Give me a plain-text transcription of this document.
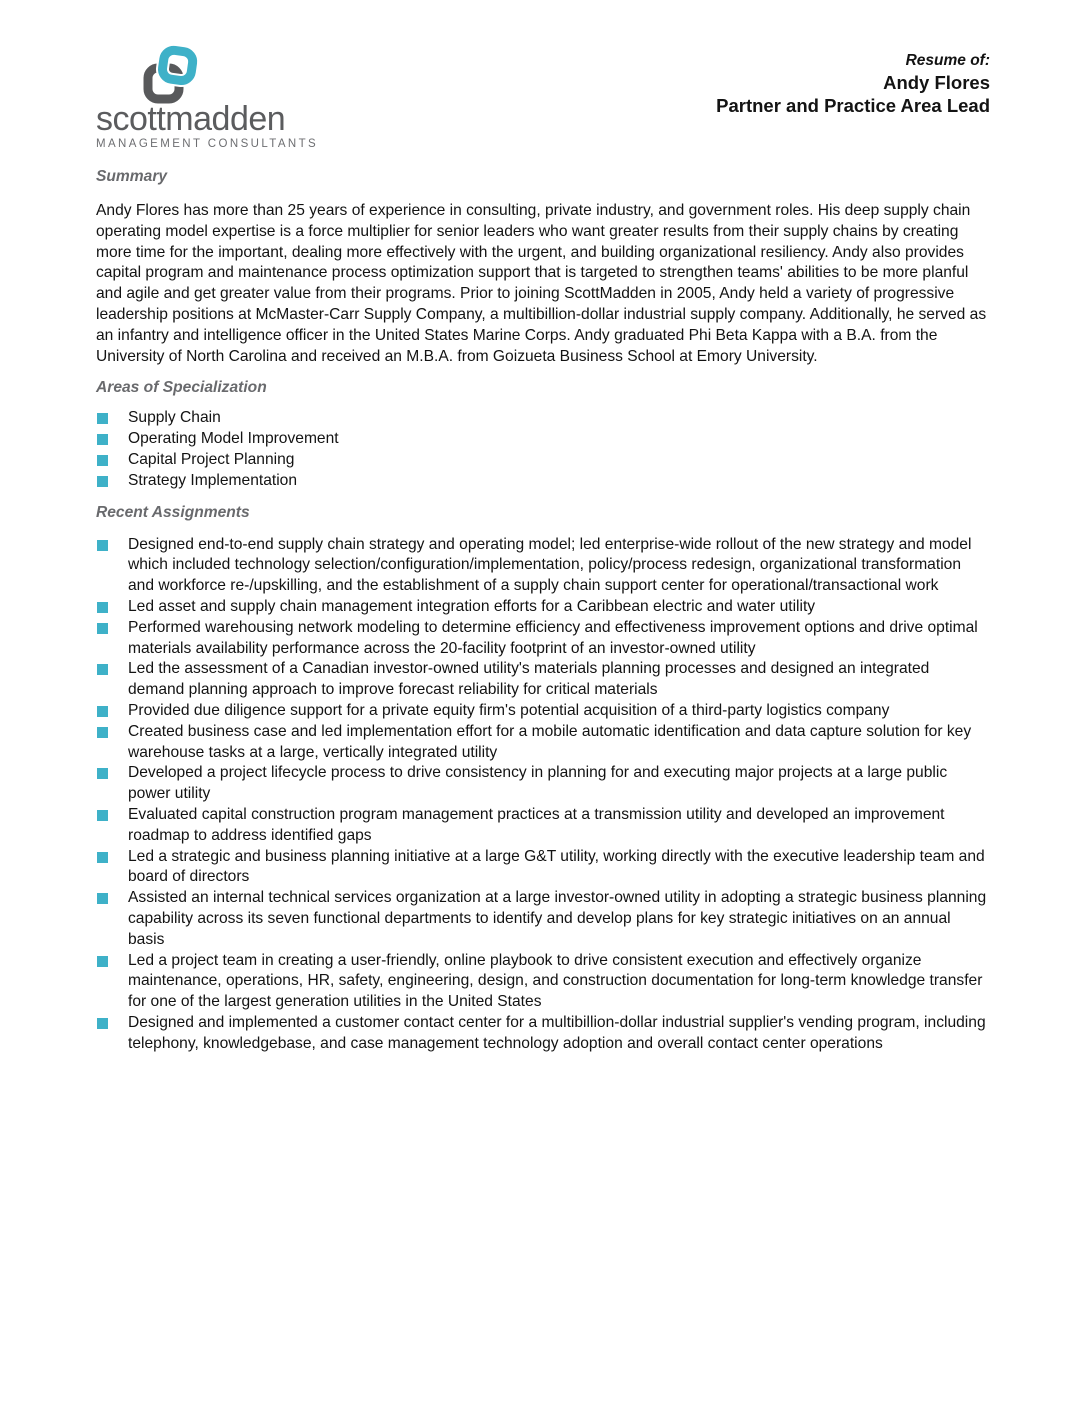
scottmadden
MANAGEMENT CONSULTANTS
Resume of:
Andy Flores
Partner and Practice Area Lead
Summary

Andy Flores has more than 25 years of experience in consulting, private industry, and government roles. His deep supply chain operating model expertise is a force multiplier for senior leaders who want greater results from their supply chains by creating more time for the important, dealing more effectively with the urgent, and building organizational resiliency. Andy also provides capital program and maintenance process optimization support that is targeted to strengthen teams' abilities to be more planful and agile and get greater value from their programs. Prior to joining ScottMadden in 2005, Andy held a variety of progressive leadership positions at McMaster-Carr Supply Company, a multibillion-dollar industrial supply company. Additionally, he served as an infantry and intelligence officer in the United States Marine Corps. Andy graduated Phi Beta Kappa with a B.A. from the University of North Carolina and received an M.B.A. from Goizueta Business School at Emory University.

Areas of Specialization
Supply Chain
Operating Model Improvement
Capital Project Planning
Strategy Implementation
Recent Assignments
Designed end-to-end supply chain strategy and operating model; led enterprise-wide rollout of the new strategy and model which included technology selection/configuration/implementation, policy/process redesign, organizational transformation and workforce re-/upskilling, and the establishment of a supply chain support center for operational/transactional work
Led asset and supply chain management integration efforts for a Caribbean electric and water utility
Performed warehousing network modeling to determine efficiency and effectiveness improvement options and drive optimal materials availability performance across the 20-facility footprint of an investor-owned utility
Led the assessment of a Canadian investor-owned utility's materials planning processes and designed an integrated demand planning approach to improve forecast reliability for critical materials
Provided due diligence support for a private equity firm's potential acquisition of a third-party logistics company
Created business case and led implementation effort for a mobile automatic identification and data capture solution for key warehouse tasks at a large, vertically integrated utility
Developed a project lifecycle process to drive consistency in planning for and executing major projects at a large public power utility
Evaluated capital construction program management practices at a transmission utility and developed an improvement roadmap to address identified gaps
Led a strategic and business planning initiative at a large G&T utility, working directly with the executive leadership team and board of directors
Assisted an internal technical services organization at a large investor-owned utility in adopting a strategic business planning capability across its seven functional departments to identify and develop plans for key strategic initiatives on an annual basis
Led a project team in creating a user-friendly, online playbook to drive consistent execution and effectively organize maintenance, operations, HR, safety, engineering, design, and construction documentation for long-term knowledge transfer for one of the largest generation utilities in the United States
Designed and implemented a customer contact center for a multibillion-dollar industrial supplier's vending program, including telephony, knowledgebase, and case management technology adoption and overall contact center operations
